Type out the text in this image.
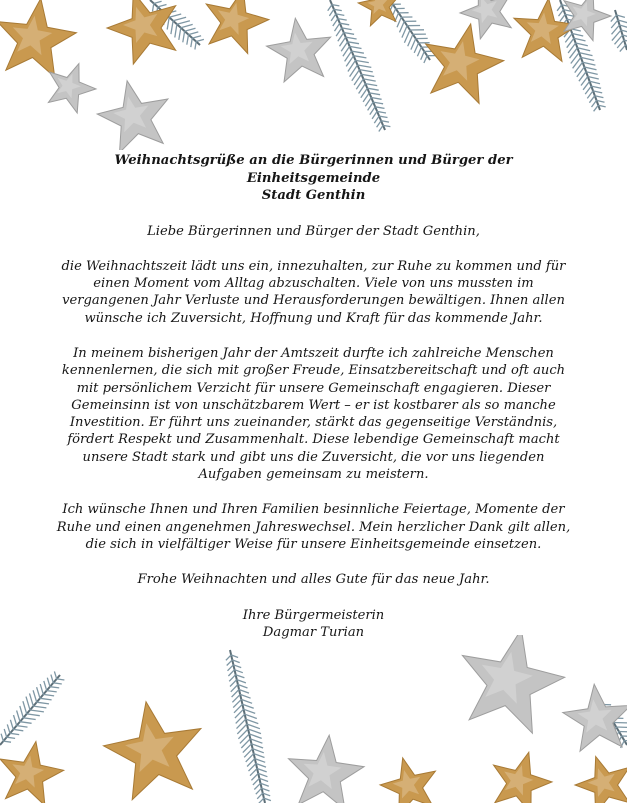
Weihnachtsgrüße an die Bürgerinnen und Bürger der Einheitsgemeinde
Stadt Genthin

Liebe Bürgerinnen und Bürger der Stadt Genthin,

die Weihnachtszeit lädt uns ein, innezuhalten, zur Ruhe zu kommen und für einen Moment vom Alltag abzuschalten. Viele von uns mussten im vergangenen Jahr Verluste und Herausforderungen bewältigen. Ihnen allen wünsche ich Zuversicht, Hoffnung und Kraft für das kommende Jahr.

In meinem bisherigen Jahr der Amtszeit durfte ich zahlreiche Menschen kennenlernen, die sich mit großer Freude, Einsatzbereitschaft und oft auch mit persönlichem Verzicht für unsere Gemeinschaft engagieren. Dieser Gemeinsinn ist von unschätzbarem Wert – er ist kostbarer als so manche Investition. Er führt uns zueinander, stärkt das gegenseitige Verständnis, fördert Respekt und Zusammenhalt. Diese lebendige Gemeinschaft macht unsere Stadt stark und gibt uns die Zuversicht, die vor uns liegenden Aufgaben gemeinsam zu meistern.

Ich wünsche Ihnen und Ihren Familien besinnliche Feiertage, Momente der Ruhe und einen angenehmen Jahreswechsel. Mein herzlicher Dank gilt allen, die sich in vielfältiger Weise für unsere Einheitsgemeinde einsetzen.

Frohe Weihnachten und alles Gute für das neue Jahr.

Ihre Bürgermeisterin
Dagmar Turian
